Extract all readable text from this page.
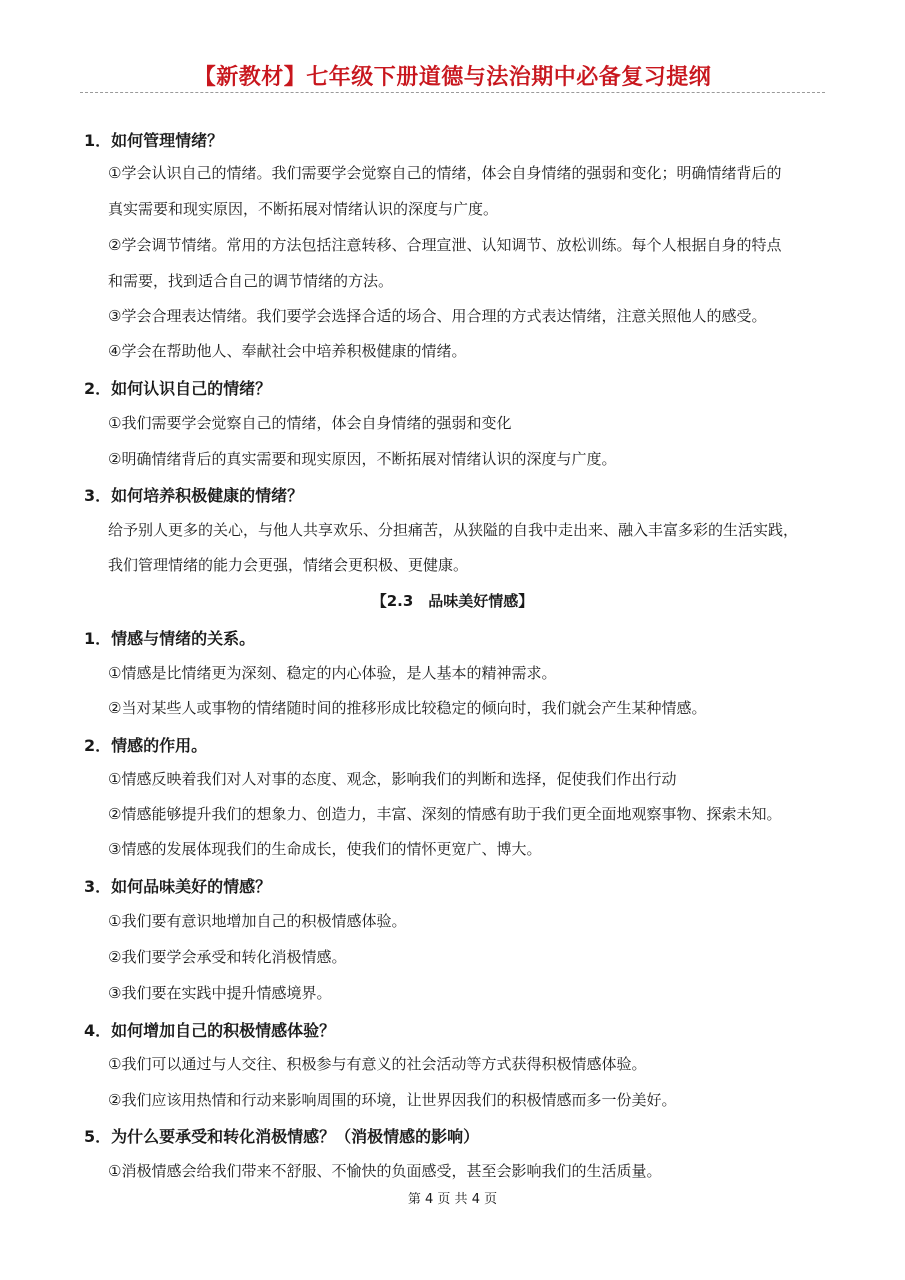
【新教材】七年级下册道德与法治期中必备复习提纲
1．如何管理情绪？
①学会认识自己的情绪。我们需要学会觉察自己的情绪，体会自身情绪的强弱和变化；明确情绪背后的
真实需要和现实原因，不断拓展对情绪认识的深度与广度。
②学会调节情绪。常用的方法包括注意转移、合理宣泄、认知调节、放松训练。每个人根据自身的特点
和需要，找到适合自己的调节情绪的方法。
③学会合理表达情绪。我们要学会选择合适的场合、用合理的方式表达情绪，注意关照他人的感受。
④学会在帮助他人、奉献社会中培养积极健康的情绪。
2．如何认识自己的情绪？
①我们需要学会觉察自己的情绪，体会自身情绪的强弱和变化
②明确情绪背后的真实需要和现实原因，不断拓展对情绪认识的深度与广度。
3．如何培养积极健康的情绪？
给予别人更多的关心，与他人共享欢乐、分担痛苦，从狭隘的自我中走出来、融入丰富多彩的生活实践，
我们管理情绪的能力会更强，情绪会更积极、更健康。
【2.3　品味美好情感】
1．情感与情绪的关系。
①情感是比情绪更为深刻、稳定的内心体验，是人基本的精神需求。
②当对某些人或事物的情绪随时间的推移形成比较稳定的倾向时，我们就会产生某种情感。
2．情感的作用。
①情感反映着我们对人对事的态度、观念，影响我们的判断和选择，促使我们作出行动
②情感能够提升我们的想象力、创造力，丰富、深刻的情感有助于我们更全面地观察事物、探索未知。
③情感的发展体现我们的生命成长，使我们的情怀更宽广、博大。
3．如何品味美好的情感？
①我们要有意识地增加自己的积极情感体验。
②我们要学会承受和转化消极情感。
③我们要在实践中提升情感境界。
4．如何增加自己的积极情感体验？
①我们可以通过与人交往、积极参与有意义的社会活动等方式获得积极情感体验。
②我们应该用热情和行动来影响周围的环境，让世界因我们的积极情感而多一份美好。
5．为什么要承受和转化消极情感？（消极情感的影响）
①消极情感会给我们带来不舒服、不愉快的负面感受，甚至会影响我们的生活质量。
第 4 页 共 4 页
